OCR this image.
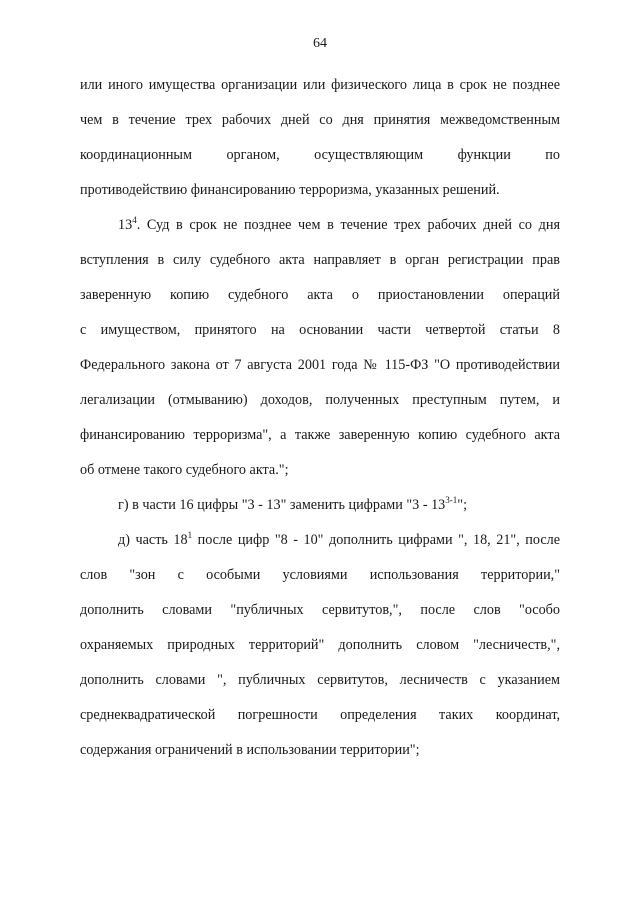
64
или иного имущества организации или физического лица в срок не позднее
чем в течение трех рабочих дней со дня принятия межведомственным
координационным органом, осуществляющим функции по
противодействию финансированию терроризма, указанных решений.
$13^4$. Суд в срок не позднее чем в течение трех рабочих дней со дня
вступления в силу судебного акта направляет в орган регистрации прав
заверенную копию судебного акта о приостановлении операций
с имуществом, принятого на основании части четвертой статьи 8
Федерального закона от 7 августа 2001 года № 115-ФЗ "О противодействии
легализации (отмыванию) доходов, полученных преступным путем, и
финансированию терроризма", а также заверенную копию судебного акта
об отмене такого судебного акта.";
г) в части 16 цифры "3 - 13" заменить цифрами "3 - 13$^{3-1}$";
д) часть $18^1$ после цифр "8 - 10" дополнить цифрами ", 18, 21", после
слов "зон с особыми условиями использования территории,"
дополнить словами "публичных сервитутов,", после слов "особо
охраняемых природных территорий" дополнить словом "лесничеств,",
дополнить словами ", публичных сервитутов, лесничеств с указанием
среднеквадратической погрешности определения таких координат,
содержания ограничений в использовании территории";
